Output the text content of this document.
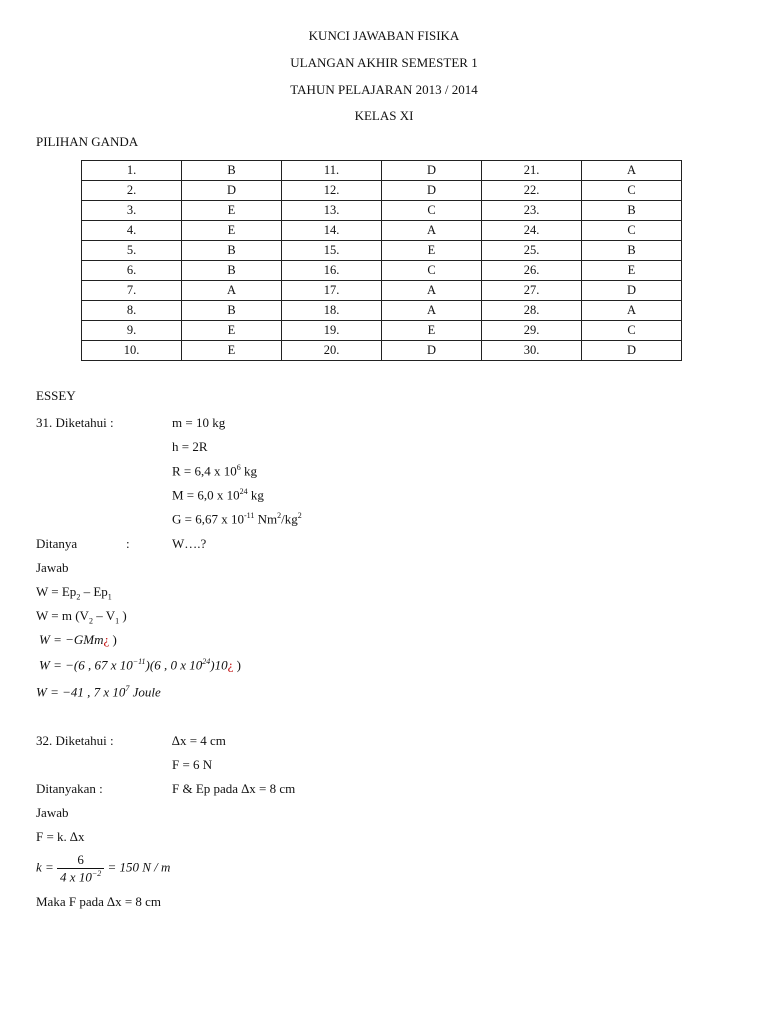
KUNCI JAWABAN FISIKA
ULANGAN AKHIR SEMESTER 1
TAHUN PELAJARAN 2013 / 2014
KELAS XI
PILIHAN GANDA
1.	B	11.	D	21.	A
2.	D	12.	D	22.	C
3.	E	13.	C	23.	B
4.	E	14.	A	24.	C
5.	B	15.	E	25.	B
6.	B	16.	C	26.	E
7.	A	17.	A	27.	D
8.	B	18.	A	28.	A
9.	E	19.	E	29.	C
10.	E	20.	D	30.	D
ESSEY
31. Diketahui :	m = 10 kg
h = 2R
R = 6,4 x $10^6$ kg
M = 6,0 x $10^{24}$ kg
G = 6,67 x $10^{-11}$ $Nm^2/kg^2$
Ditanya	:	W….?
Jawab
$W = Ep_2 - Ep_1$
W = m ($V_2 - V_1$ )
W = −GMm¿ )
W = −(6 , 67 x $10^{-11})(6$ , 0 x $10^{24})10¿$ )
W = −41 , 7 x $10^7$ Joule
32. Diketahui :	∆x = 4 cm
F = 6 N
Ditanyakan :	F & Ep pada ∆x = 8 cm
Jawab
F = k. ∆x
$k = \frac{6}{4 x 10^{-2}} = 150$ N / m
Maka F pada ∆x = 8 cm
